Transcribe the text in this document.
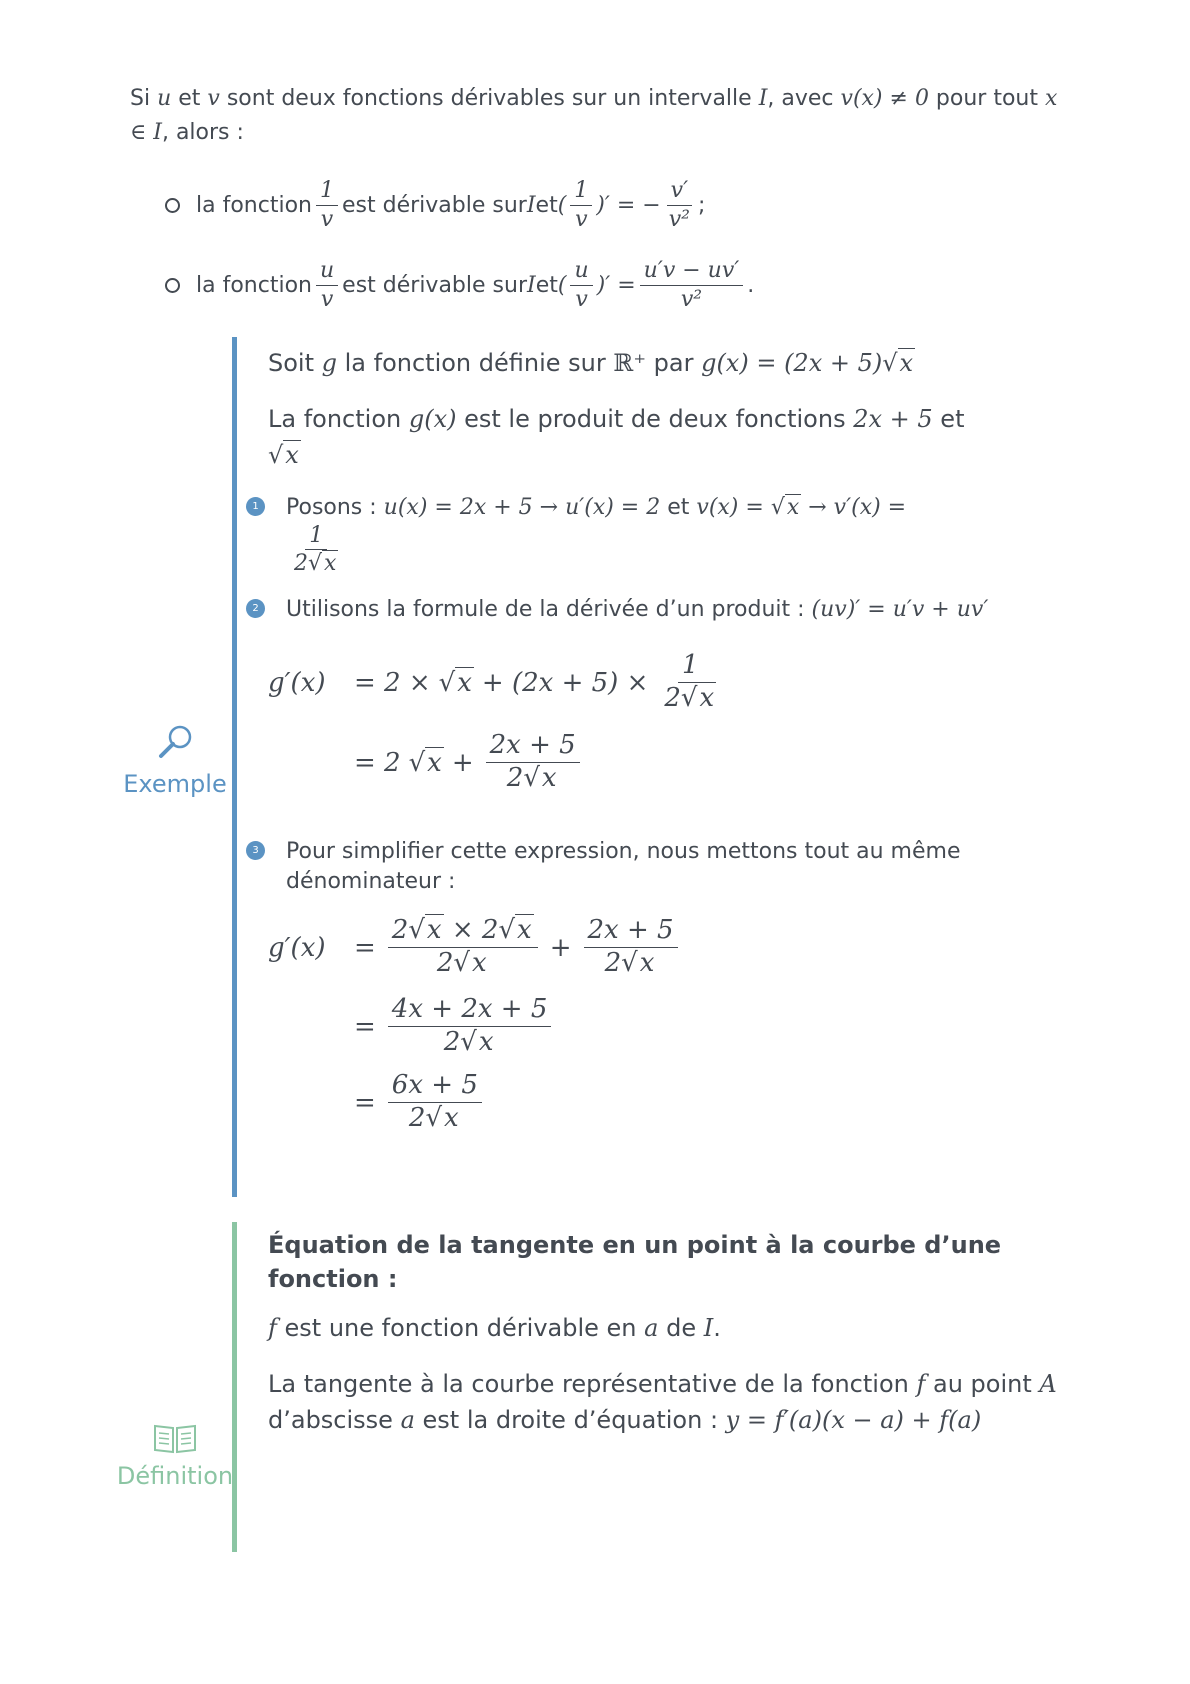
Si u et v sont deux fonctions dérivables sur un intervalle I, avec v(x) ≠ 0 pour tout x ∈ I, alors :
la fonction $\frac{1}{v}$ est dérivable sur I et ( $\frac{1}{v}$ )′ = − $\frac{v'}{\text{v²}}$ ;
la fonction $\frac{u}{v}$ est dérivable sur I et ( $\frac{u}{v}$ )′ = $\frac{u'v - uv'}{\text{v²}}$ .
Exemple

Soit g la fonction définie sur ℝ⁺ par g(x) = (2x + 5)√x

La fonction g(x) est le produit de deux fonctions 2x + 5 et
√x

1 Posons : u(x) = 2x + 5 → u′(x) = 2 et v(x) = √x → v′(x) =

$\frac{1}{2√x}$
2 Utilisons la formule de la dérivée d’un produit : (uv)′ = u′v + uv′
g′(x)	= $2 \times √x + (2x + 5) \times \frac{1}{2√x}$
= 2 $√x + \frac{2x + 5}{2√x}$
3 Pour simplifier cette expression, nous mettons tout au même dénominateur :
g′(x)	= $\frac{2√x \times 2√x}{2√x} + \frac{2x + 5}{2√x}$
= $\frac{4x + 2x + 5}{2√x}$
= $\frac{6x + 5}{2√x}$
Définition
Équation de la tangente en un point à la courbe d’une fonction :

f est une fonction dérivable en a de I.

La tangente à la courbe représentative de la fonction f au point A d’abscisse a est la droite d’équation : y = f′(a)(x − a) + f(a)
